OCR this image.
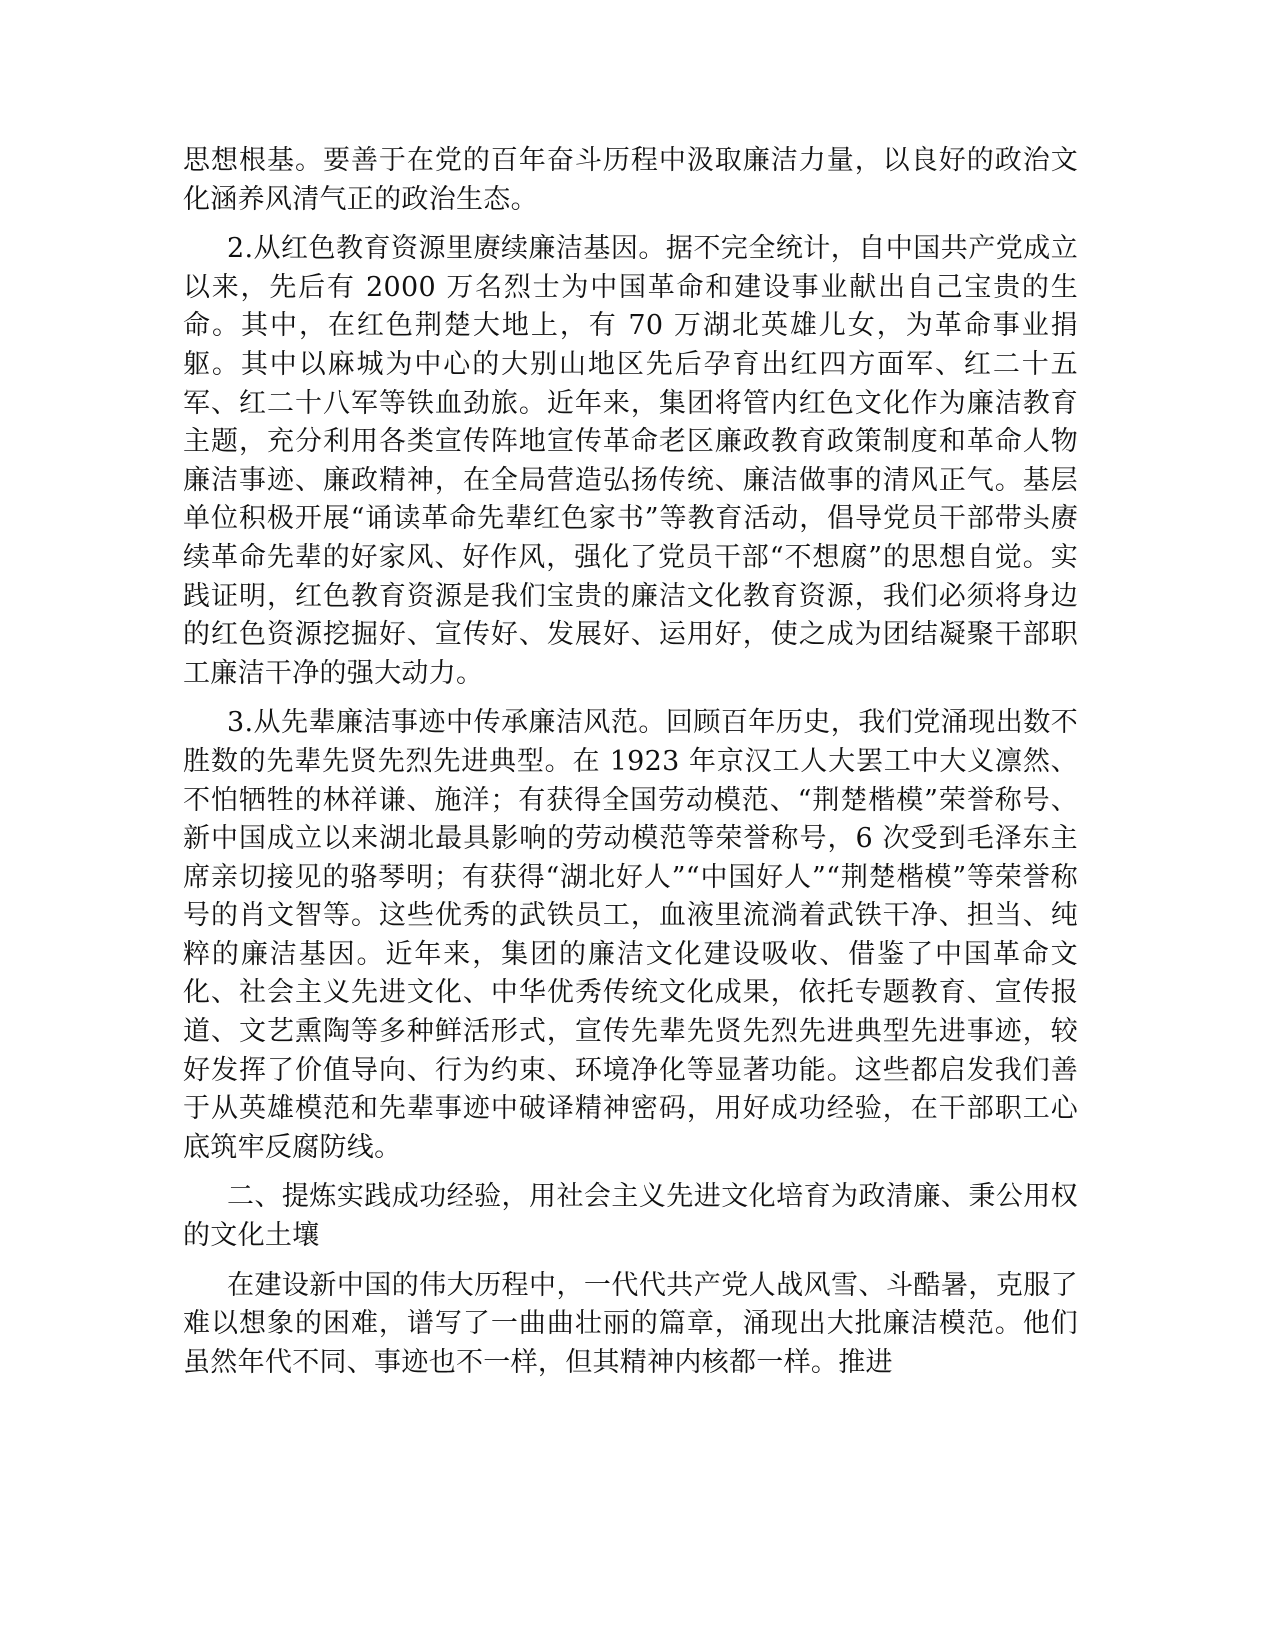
思想根基。要善于在党的百年奋斗历程中汲取廉洁力量，以良好的政治文化涵养风清气正的政治生态。

2.从红色教育资源里赓续廉洁基因。据不完全统计，自中国共产党成立以来，先后有 2000 万名烈士为中国革命和建设事业献出自己宝贵的生命。其中，在红色荆楚大地上，有 70 万湖北英雄儿女，为革命事业捐躯。其中以麻城为中心的大别山地区先后孕育出红四方面军、红二十五军、红二十八军等铁血劲旅。近年来，集团将管内红色文化作为廉洁教育主题，充分利用各类宣传阵地宣传革命老区廉政教育政策制度和革命人物廉洁事迹、廉政精神，在全局营造弘扬传统、廉洁做事的清风正气。基层单位积极开展“诵读革命先辈红色家书”等教育活动，倡导党员干部带头赓续革命先辈的好家风、好作风，强化了党员干部“不想腐”的思想自觉。实践证明，红色教育资源是我们宝贵的廉洁文化教育资源，我们必须将身边的红色资源挖掘好、宣传好、发展好、运用好，使之成为团结凝聚干部职工廉洁干净的强大动力。

3.从先辈廉洁事迹中传承廉洁风范。回顾百年历史，我们党涌现出数不胜数的先辈先贤先烈先进典型。在 1923 年京汉工人大罢工中大义凛然、不怕牺牲的林祥谦、施洋；有获得全国劳动模范、“荆楚楷模”荣誉称号、新中国成立以来湖北最具影响的劳动模范等荣誉称号，6 次受到毛泽东主席亲切接见的骆琴明；有获得“湖北好人”“中国好人”“荆楚楷模”等荣誉称号的肖文智等。这些优秀的武铁员工，血液里流淌着武铁干净、担当、纯粹的廉洁基因。近年来，集团的廉洁文化建设吸收、借鉴了中国革命文化、社会主义先进文化、中华优秀传统文化成果，依托专题教育、宣传报道、文艺熏陶等多种鲜活形式，宣传先辈先贤先烈先进典型先进事迹，较好发挥了价值导向、行为约束、环境净化等显著功能。这些都启发我们善于从英雄模范和先辈事迹中破译精神密码，用好成功经验，在干部职工心底筑牢反腐防线。

二、提炼实践成功经验，用社会主义先进文化培育为政清廉、秉公用权的文化土壤

在建设新中国的伟大历程中，一代代共产党人战风雪、斗酷暑，克服了难以想象的困难，谱写了一曲曲壮丽的篇章，涌现出大批廉洁模范。他们虽然年代不同、事迹也不一样，但其精神内核都一样。推进
